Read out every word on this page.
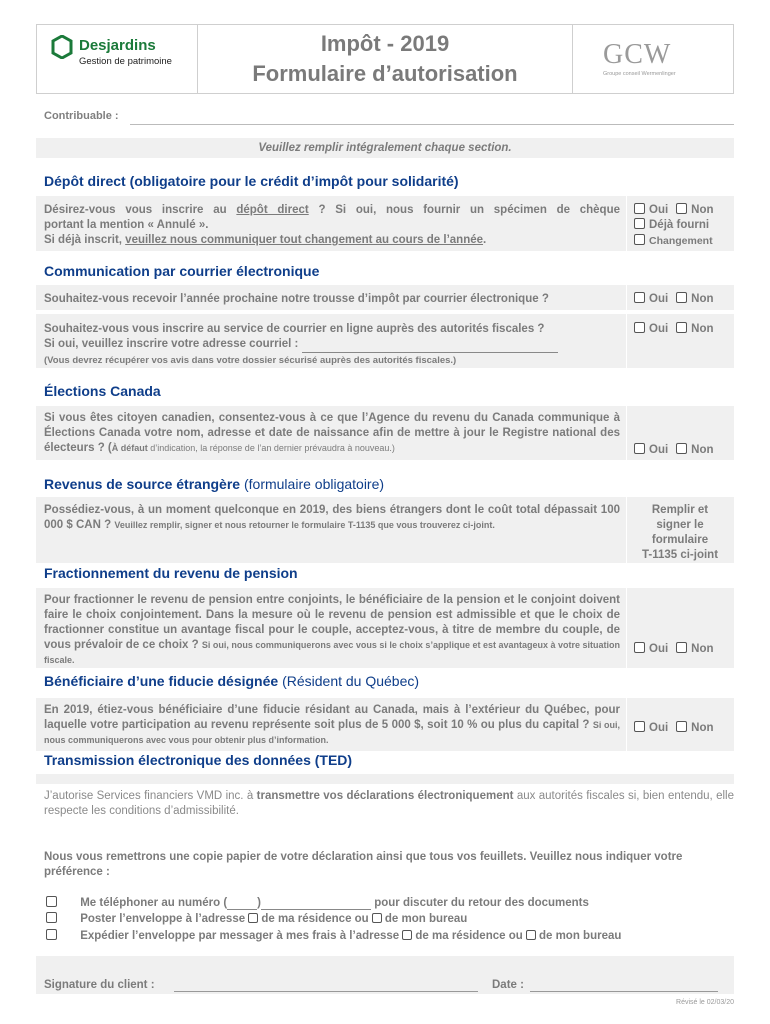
Desjardins
Gestion de patrimoine
Impôt - 2019
Formulaire d’autorisation
GCW
Groupe conseil Wermenlinger
Contribuable :
Veuillez remplir intégralement chaque section.
Dépôt direct (obligatoire pour le crédit d’impôt pour solidarité)
Désirez-vous vous inscrire au dépôt direct ? Si oui, nous fournir un spécimen de chèque
portant la mention « Annulé ».
Si déjà inscrit, veuillez nous communiquer tout changement au cours de l’année.
Oui Non
Déjà fourni
Changement
Communication par courrier électronique
Souhaitez-vous recevoir l’année prochaine notre trousse d’impôt par courrier électronique ?	Oui Non
Souhaitez-vous vous inscrire au service de courrier en ligne auprès des autorités fiscales ?
Si oui, veuillez inscrire votre adresse courriel :
(Vous devrez récupérer vos avis dans votre dossier sécurisé auprès des autorités fiscales.)
Oui Non
Élections Canada
Si vous êtes citoyen canadien, consentez-vous à ce que l’Agence du revenu du Canada communique à Élections Canada votre nom, adresse et date de naissance afin de mettre à jour le Registre national des électeurs ? (À défaut d’indication, la réponse de l’an dernier prévaudra à nouveau.)	Oui Non
Revenus de source étrangère (formulaire obligatoire)
Possédiez-vous, à un moment quelconque en 2019, des biens étrangers dont le coût total dépassait 100 000 $ CAN ? Veuillez remplir, signer et nous retourner le formulaire T-1135 que vous trouverez ci-joint.
Remplir et
signer le
formulaire
T-1135 ci-joint
Fractionnement du revenu de pension
Pour fractionner le revenu de pension entre conjoints, le bénéficiaire de la pension et le conjoint doivent faire le choix conjointement. Dans la mesure où le revenu de pension est admissible et que le choix de fractionner constitue un avantage fiscal pour le couple, acceptez-vous, à titre de membre du couple, de vous prévaloir de ce choix ? Si oui, nous communiquerons avec vous si le choix s’applique et est avantageux à votre situation fiscale.
Oui Non
Bénéficiaire d’une fiducie désignée (Résident du Québec)
En 2019, étiez-vous bénéficiaire d’une fiducie résidant au Canada, mais à l’extérieur du Québec, pour laquelle votre participation au revenu représente soit plus de 5 000 $, soit 10 % ou plus du capital ? Si oui, nous communiquerons avec vous pour obtenir plus d’information.
Oui Non
Transmission électronique des données (TED)
J’autorise Services financiers VMD inc. à transmettre vos déclarations électroniquement aux autorités fiscales si, bien entendu, elle respecte les conditions d’admissibilité.
Nous vous remettrons une copie papier de votre déclaration ainsi que tous vos feuillets. Veuillez nous indiquer votre préférence :
Me téléphoner au numéro (	)	pour discuter du retour des documents
Poster l’enveloppe à l’adresse de ma résidence ou de mon bureau
Expédier l’enveloppe par messager à mes frais à l’adresse de ma résidence ou de mon bureau
Signature du client :	Date :
Révisé le 02/03/20
